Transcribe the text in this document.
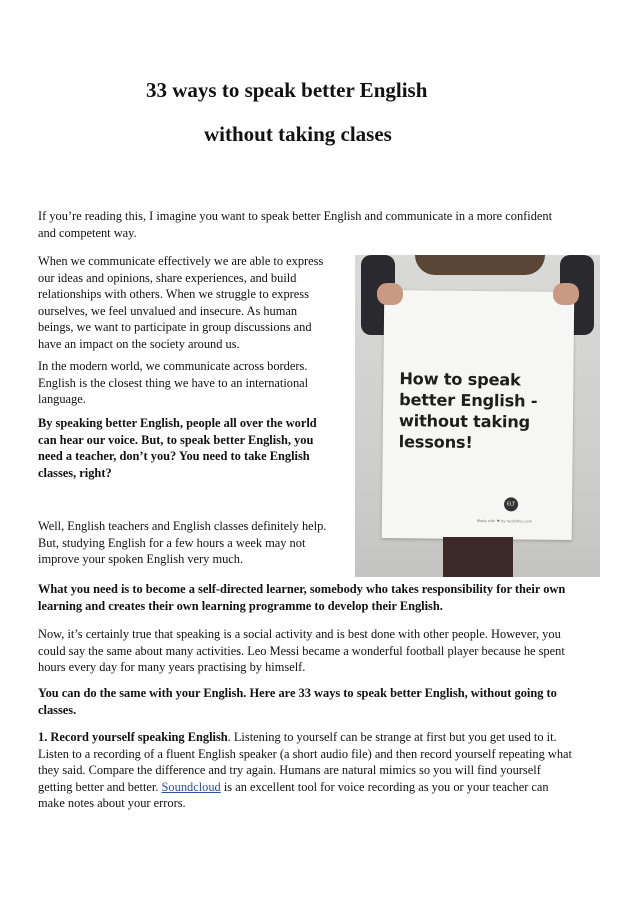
33 ways to speak better English
without taking clases
If you’re reading this, I imagine you want to speak better English and communicate in a more confident
and competent way.
When we communicate effectively we are able to express
our ideas and opinions, share experiences, and build
relationships with others. When we struggle to express
ourselves, we feel unvalued and insecure. As human
beings, we want to participate in group discussions and
have an impact on the society around us.
In the modern world, we communicate across borders.
English is the closest thing we have to an international
language.
By speaking better English, people all over the world
can hear our voice. But, to speak better English, you
need a teacher, don’t you? You need to take English
classes, right?
Well, English teachers and English classes definitely help.
But, studying English for a few hours a week may not
improve your spoken English very much.
How to speak
better English -
without taking
lessons!
ELT
Made with ♥ by recitethis.com
What you need is to become a self-directed learner, somebody who takes responsibility for their own
learning and creates their own learning programme to develop their English.
Now, it’s certainly true that speaking is a social activity and is best done with other people. However, you
could say the same about many activities. Leo Messi became a wonderful football player because he spent
hours every day for many years practising by himself.
You can do the same with your English. Here are 33 ways to speak better English, without going to
classes.
1. Record yourself speaking English. Listening to yourself can be strange at first but you get used to it.
Listen to a recording of a fluent English speaker (a short audio file) and then record yourself repeating what
they said. Compare the difference and try again. Humans are natural mimics so you will find yourself
getting better and better. Soundcloud is an excellent tool for voice recording as you or your teacher can
make notes about your errors.
